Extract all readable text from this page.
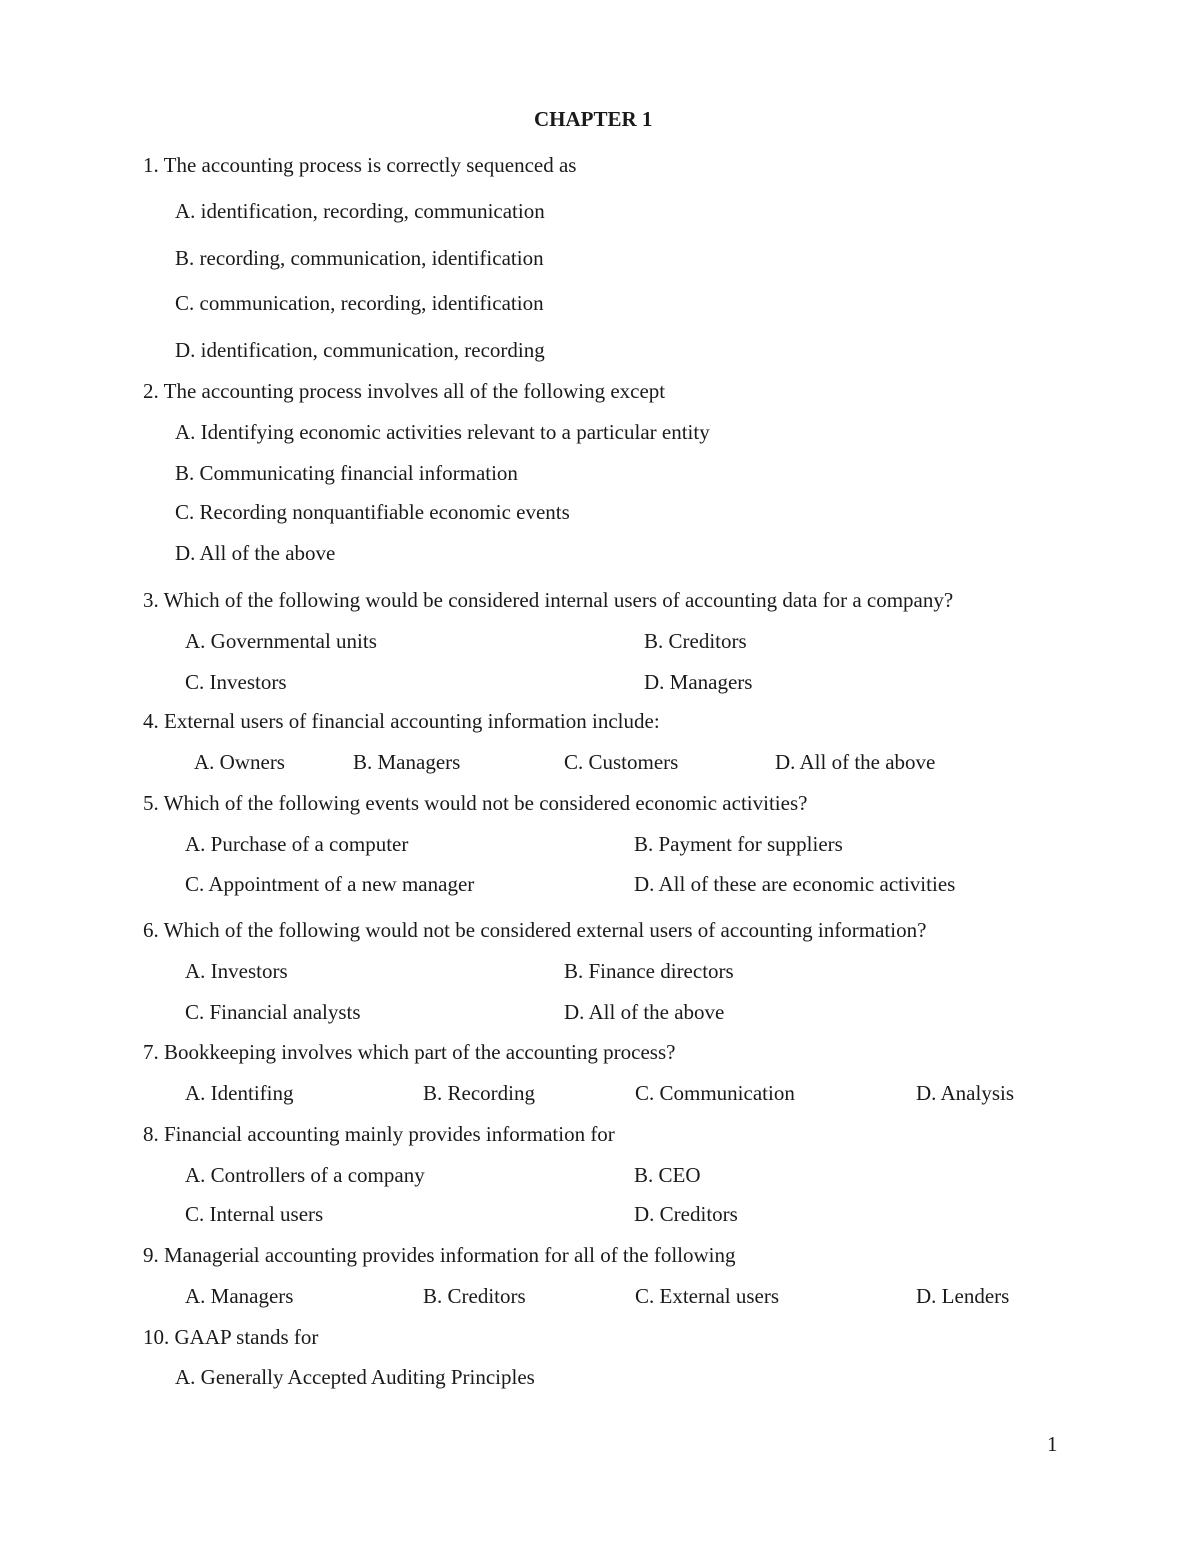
CHAPTER 1
1. The accounting process is correctly sequenced as
A. identification, recording, communication
B. recording, communication, identification
C. communication, recording, identification
D. identification, communication, recording
2. The accounting process involves all of the following except
A. Identifying economic activities relevant to a particular entity
B. Communicating financial information
C. Recording nonquantifiable economic events
D. All of the above
3. Which of the following would be considered internal users of accounting data for a company?
A. Governmental units	B. Creditors
C. Investors	D. Managers
4. External users of financial accounting information include:
A. Owners	B. Managers	C. Customers	D. All of the above
5. Which of the following events would not be considered economic activities?
A. Purchase of a computer	B. Payment for suppliers
C. Appointment of a new manager	D. All of these are economic activities
6. Which of the following would not be considered external users of accounting information?
A. Investors	B. Finance directors
C. Financial analysts	D. All of the above
7. Bookkeeping involves which part of the accounting process?
A. Identifing	B. Recording	C. Communication	D. Analysis
8. Financial accounting mainly provides information for
A. Controllers of a company	B. CEO
C. Internal users	D. Creditors
9. Managerial accounting provides information for all of the following
A. Managers	B. Creditors	C. External users	D. Lenders
10. GAAP stands for
A. Generally Accepted Auditing Principles
1
